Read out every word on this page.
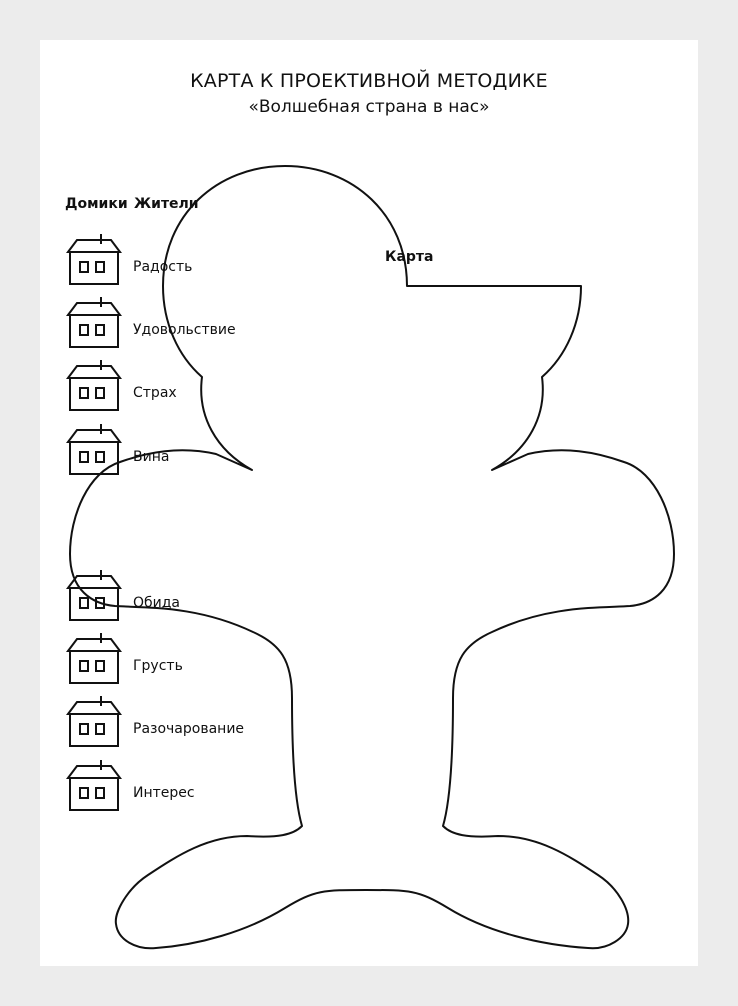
КАРТА К ПРОЕКТИВНОЙ МЕТОДИКЕ
«Волшебная страна в нас»
Домики Жители
Карта
Радость
Удовольствие
Страх
Вина
Обида
Грусть
Разочарование
Интерес
